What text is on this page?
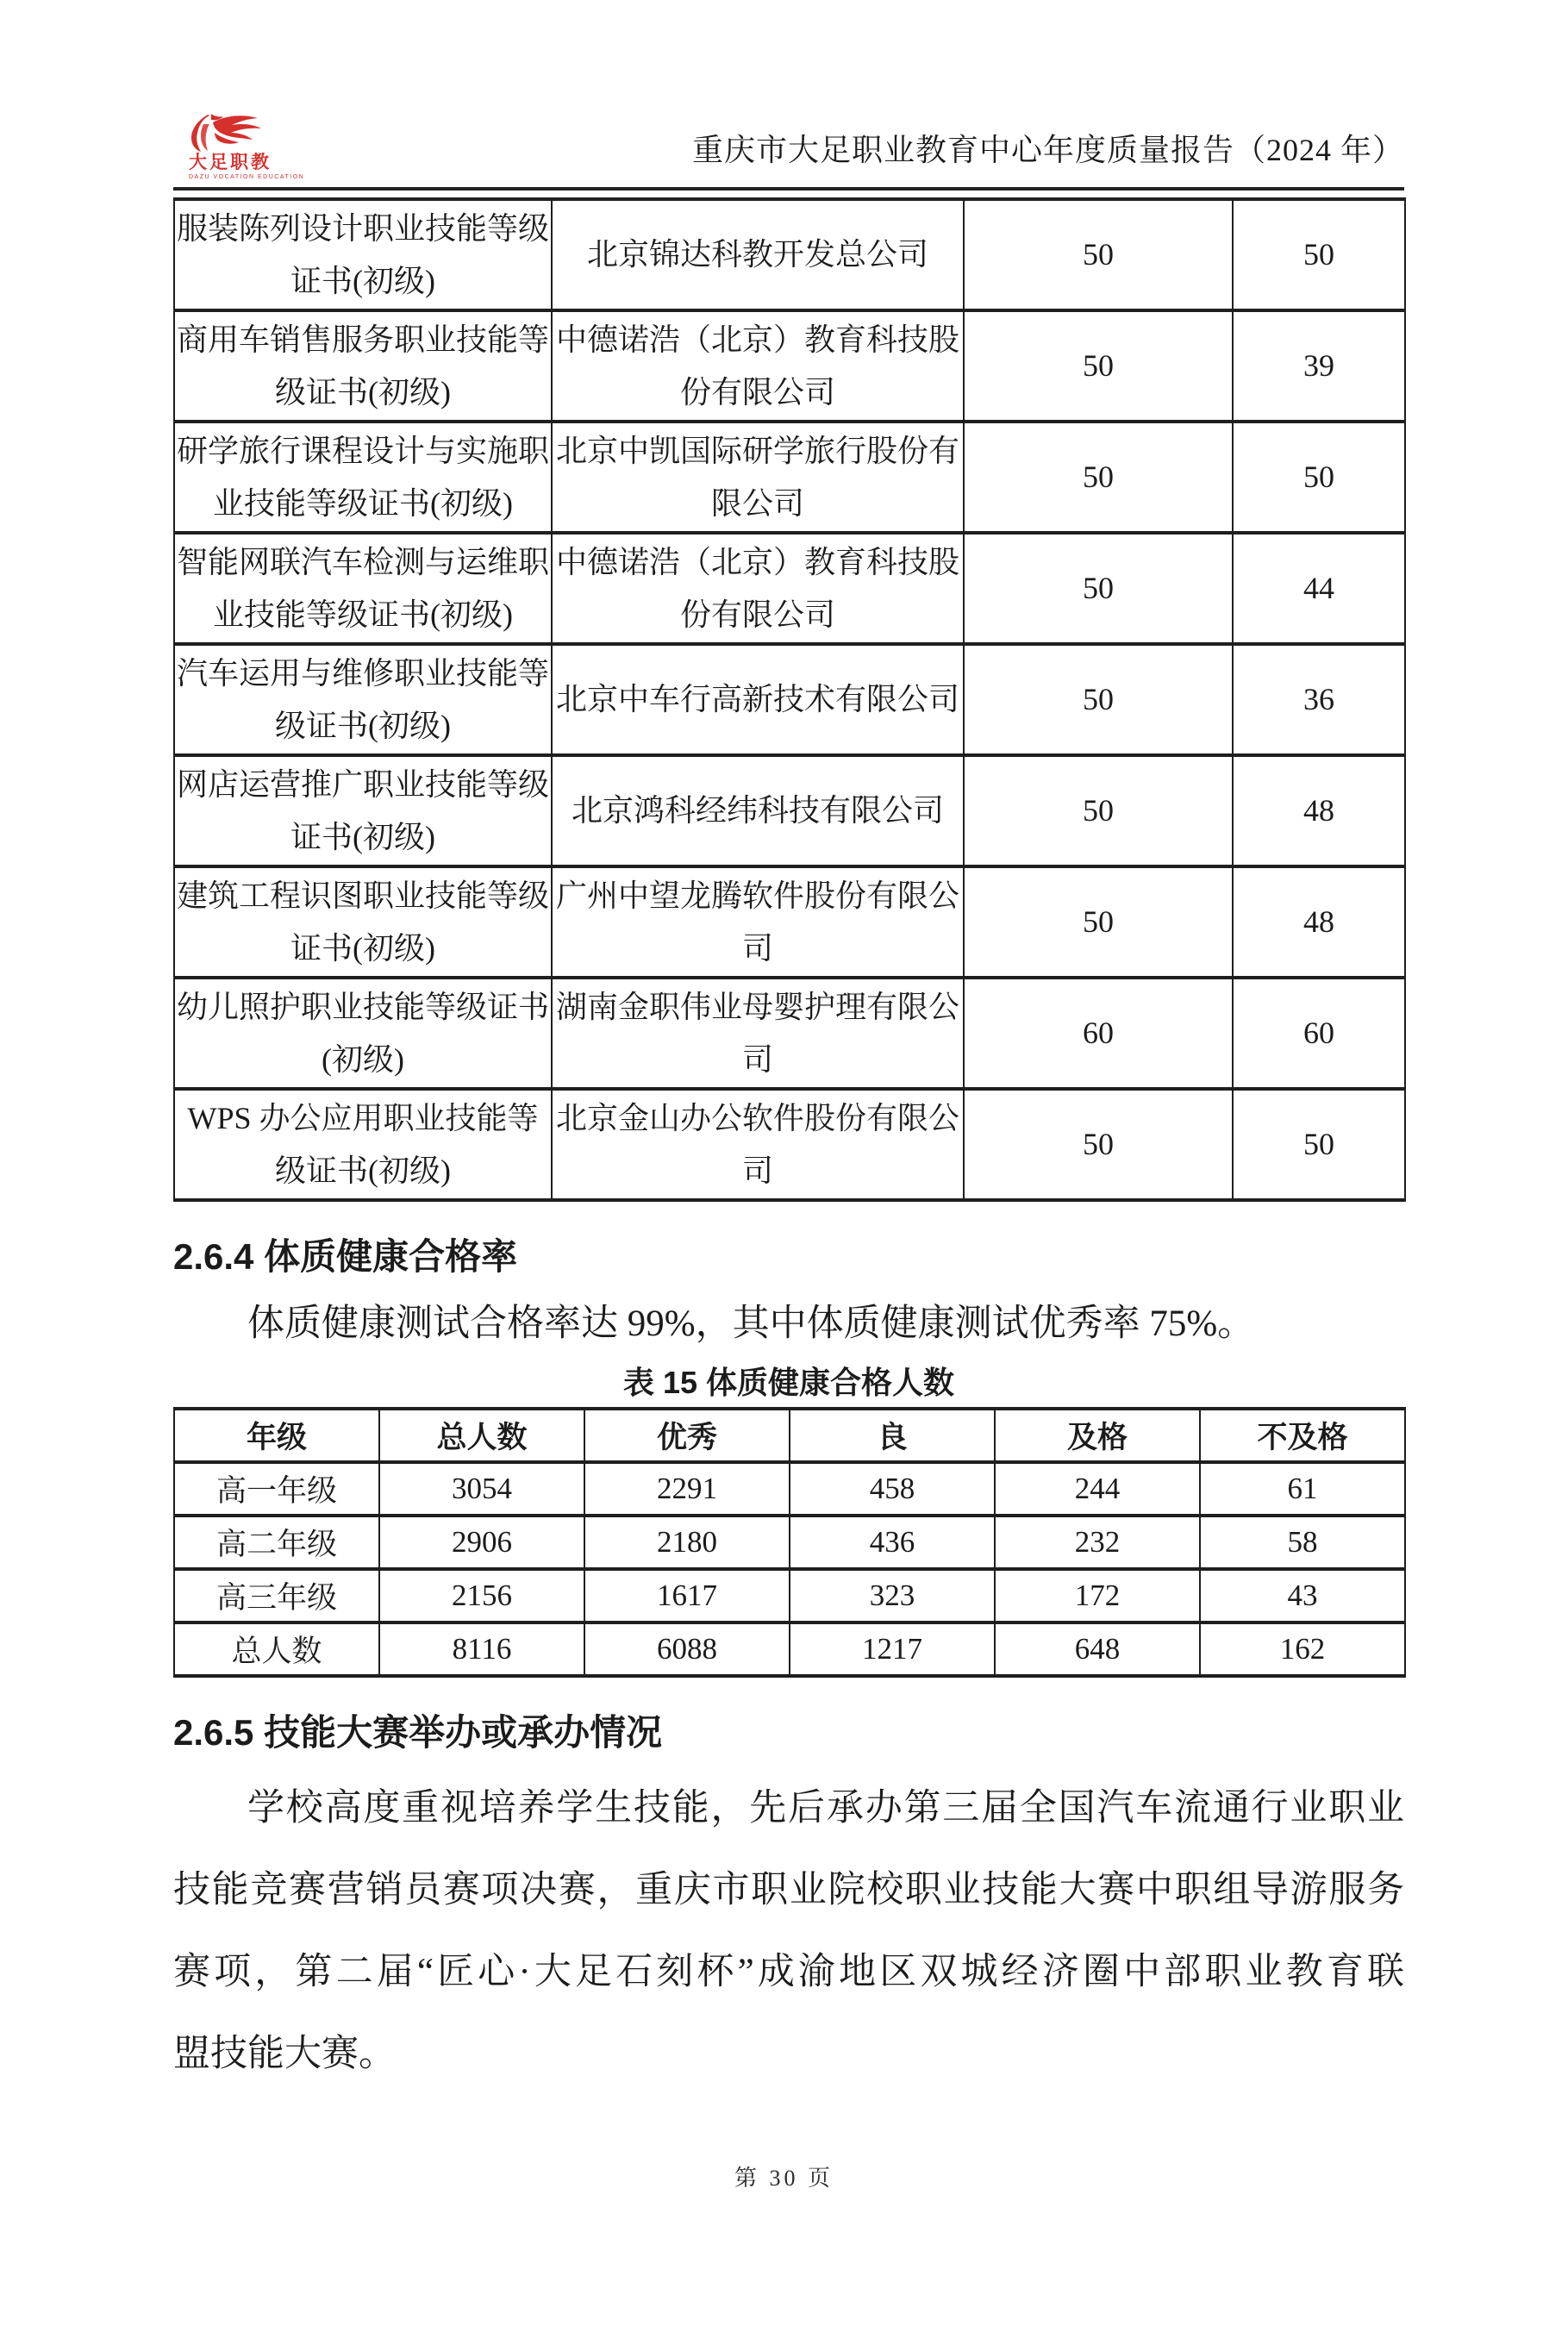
大足职教
DAZU VOCATION EDUCATION
重庆市大足职业教育中心年度质量报告（2024 年）
服装陈列设计职业技能等级证书(初级)	北京锦达科教开发总公司	50	50
商用车销售服务职业技能等级证书(初级)	中德诺浩（北京）教育科技股份有限公司	50	39
研学旅行课程设计与实施职业技能等级证书(初级)	北京中凯国际研学旅行股份有限公司	50	50
智能网联汽车检测与运维职业技能等级证书(初级)	中德诺浩（北京）教育科技股份有限公司	50	44
汽车运用与维修职业技能等级证书(初级)	北京中车行高新技术有限公司	50	36
网店运营推广职业技能等级证书(初级)	北京鸿科经纬科技有限公司	50	48
建筑工程识图职业技能等级证书(初级)	广州中望龙腾软件股份有限公司	50	48
幼儿照护职业技能等级证书(初级)	湖南金职伟业母婴护理有限公司	60	60
WPS 办公应用职业技能等级证书(初级)	北京金山办公软件股份有限公司	50	50
2.6.4 体质健康合格率
体质健康测试合格率达 99%，其中体质健康测试优秀率 75%。
表 15 体质健康合格人数
年级	总人数	优秀	良	及格	不及格
高一年级	3054	2291	458	244	61
高二年级	2906	2180	436	232	58
高三年级	2156	1617	323	172	43
总人数	8116	6088	1217	648	162
2.6.5 技能大赛举办或承办情况
学校高度重视培养学生技能，先后承办第三届全国汽车流通行业职业
技能竞赛营销员赛项决赛，重庆市职业院校职业技能大赛中职组导游服务
赛项，第二届“匠心·大足石刻杯”成渝地区双城经济圈中部职业教育联
盟技能大赛。
第 30 页
